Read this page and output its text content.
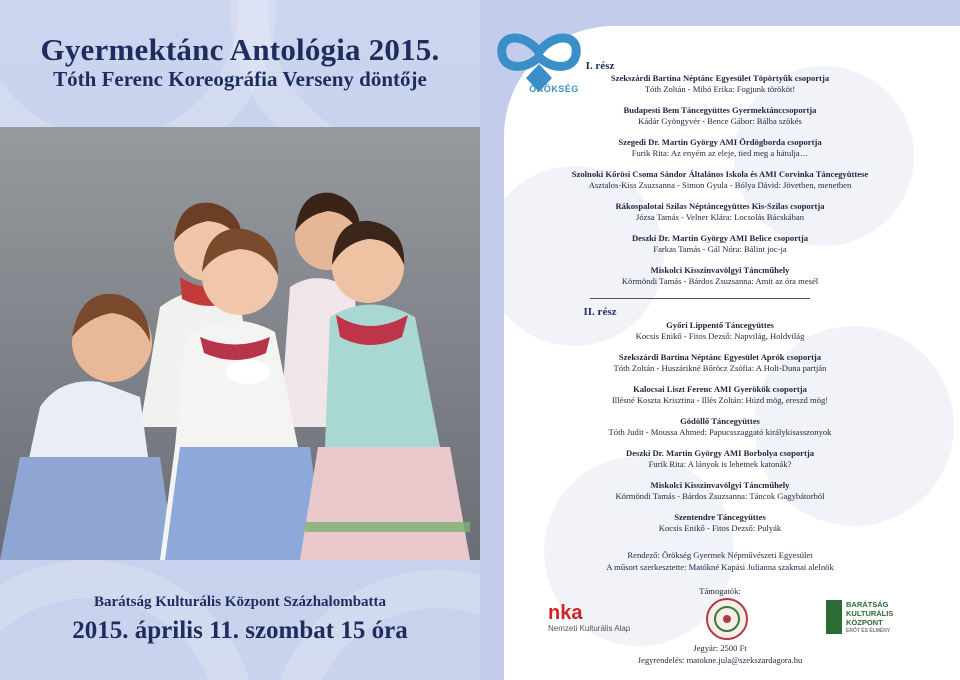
Gyermektánc Antológia 2015.
Tóth Ferenc Koreográfia Verseny döntője
Barátság Kulturális Központ Százhalombatta
2015. április 11. szombat 15 óra
ÖRÖKSÉG
I. rész
Szekszárdi Bartina Néptánc Egyesület Töpörtyűk csoportja
Tóth Zoltán - Mihó Erika: Fogjunk törököt!
Budapesti Bem Táncegyüttes Gyermektánccsoportja
Kádár Gyöngyvér - Bence Gábor: Bálba szökés
Szegedi Dr. Martin György AMI Ördögborda csoportja
Furik Rita: Az enyém az eleje, tied meg a hátulja…
Szolnoki Kőrösi Csoma Sándor Általános Iskola és AMI Corvinka Táncegyüttese
Asztalos-Kiss Zsuzsanna - Simon Gyula - Bólya Dávid: Jövetben, menetben
Rákospalotai Szilas Néptáncegyüttes Kis-Szilas csoportja
Józsa Tamás - Velner Klára: Locsolás Bácskában
Deszki Dr. Martin György AMI Belice csoportja
Farkas Tamás - Gál Nóra: Bálint joc-ja
Miskolci Kisszinvavölgyi Táncműhely
Körmöndi Tamás - Bárdos Zsuzsanna: Amit az óra mesél
II. rész
Győri Lippentő Táncegyüttes
Kocsis Enikő - Fitos Dezső: Napvilág, Holdvilág
Szekszárdi Bartina Néptánc Egyesület Aprók csoportja
Tóth Zoltán - Huszárikné Bőröcz Zsófia: A Holt-Duna partján
Kalocsai Liszt Ferenc AMI Gyerökök csoportja
Illésné Koszta Krisztina - Illés Zoltán: Húzd mög, ereszd mög!
Gödöllő Táncegyüttes
Tóth Judit - Moussa Ahmed: Papucsszaggató királykisasszonyok
Deszki Dr. Martin György AMI Borbolya csoportja
Furik Rita: A lányok is lehetnek katonák?
Miskolci Kisszinvavölgyi Táncműhely
Körmöndi Tamás - Bárdos Zsuzsanna: Táncok Gagybátorból
Szentendre Táncegyüttes
Kocsis Enikő - Fitos Dezső: Pulyák
Rendező: Örökség Gyermek Népművészeti Egyesület
A műsort szerkesztette: Matókné Kapási Julianna szakmai alelnök
Támogatók:
nka
Nemzeti Kulturális Alap
BARÁTSÁG
KULTURÁLIS
KÖZPONT
ERŐT ÉS ÉLMÉNY
Jegyár: 2500 Ft
Jegyrendelés: matokne.jula@szekszardagora.hu
